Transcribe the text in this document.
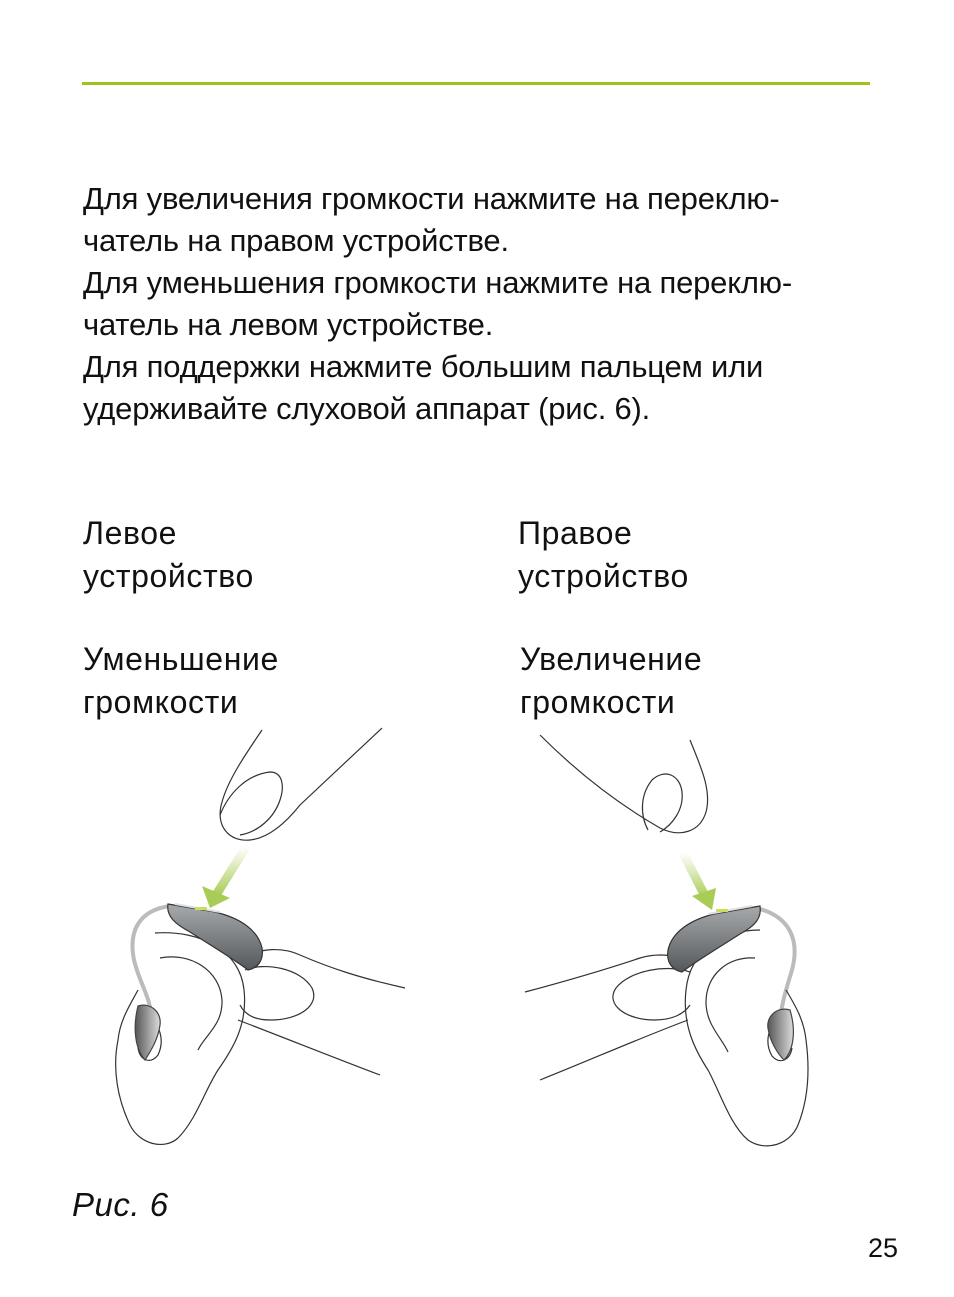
Для увеличения громкости нажмите на переклю-

чатель на правом устройстве.

Для уменьшения громкости нажмите на переклю-

чатель на левом устройстве.

Для поддержки нажмите большим пальцем или

удерживайте слуховой аппарат (рис. 6).

Левое
устройство
Правое
устройство
Уменьшение
громкости
Увеличение
громкости
Рис. 6
25
